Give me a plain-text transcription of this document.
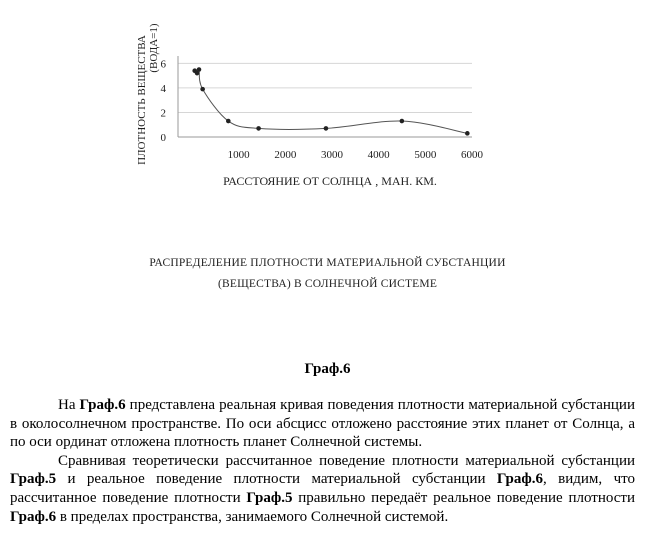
0
2
4
6
1000 2000 3000 4000 5000 6000
ПЛОТНОСТЬ ВЕЩЕСТВА (ВОДА=1)
РАССТОЯНИЕ ОТ СОЛНЦА , МАН. КМ.
РАСПРЕДЕЛЕНИЕ ПЛОТНОСТИ МАТЕРИАЛЬНОЙ СУБСТАНЦИИ
(ВЕЩЕСТВА) В СОЛНЕЧНОЙ СИСТЕМЕ
Граф.6

На Граф.6 представлена реальная кривая поведения плотности материальной субстанции в околосолнечном пространстве. По оси абсцисс отложено расстояние этих планет от Солнца, а по оси ординат отложена плотность планет Солнечной системы.

Сравнивая теоретически рассчитанное поведение плотности материальной субстанции Граф.5 и реальное поведение плотности материальной субстанции Граф.6, видим, что рассчитанное поведение плотности Граф.5 правильно передаёт реальное поведение плотности Граф.6 в пределах пространства, занимаемого Солнечной системой.
